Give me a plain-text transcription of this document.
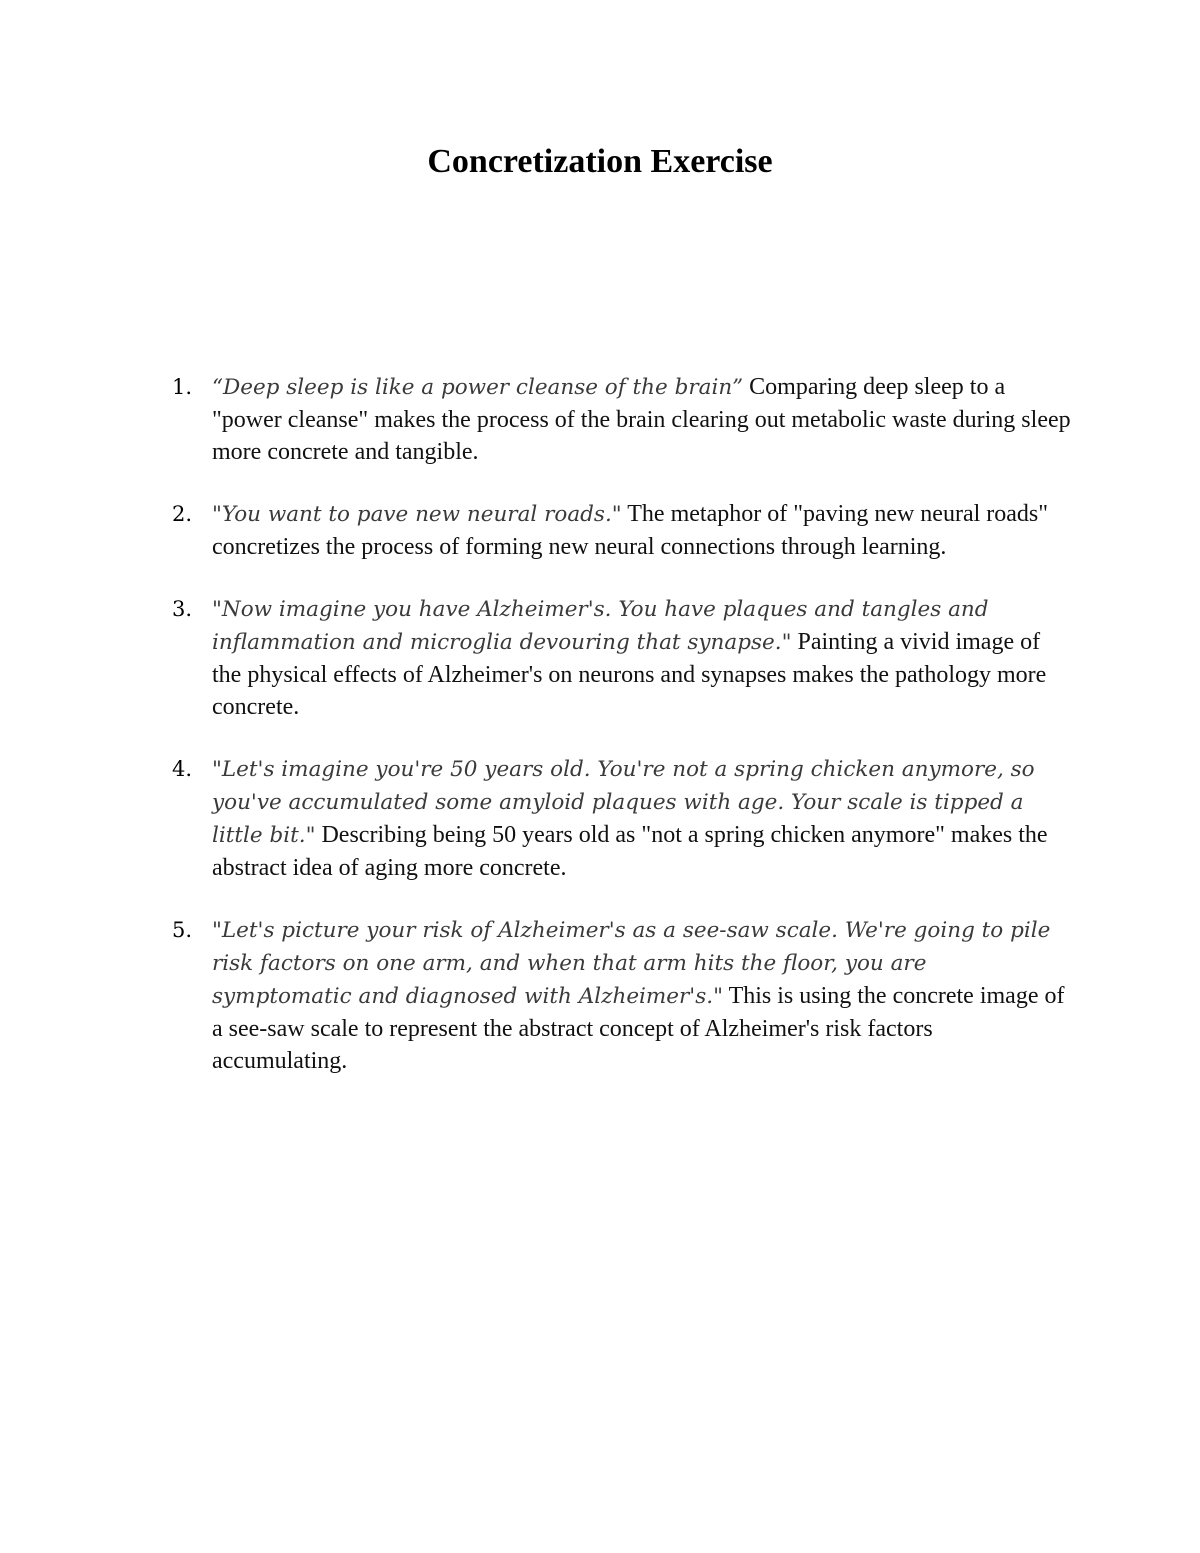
Concretization Exercise
1. “Deep sleep is like a power cleanse of the brain” Comparing deep sleep to a "power cleanse" makes the process of the brain clearing out metabolic waste during sleep more concrete and tangible.
2. "You want to pave new neural roads." The metaphor of "paving new neural roads" concretizes the process of forming new neural connections through learning.
3. "Now imagine you have Alzheimer's. You have plaques and tangles and inflammation and microglia devouring that synapse." Painting a vivid image of the physical effects of Alzheimer's on neurons and synapses makes the pathology more concrete.
4. "Let's imagine you're 50 years old. You're not a spring chicken anymore, so you've accumulated some amyloid plaques with age. Your scale is tipped a little bit." Describing being 50 years old as "not a spring chicken anymore" makes the abstract idea of aging more concrete.
5. "Let's picture your risk of Alzheimer's as a see-saw scale. We're going to pile risk factors on one arm, and when that arm hits the floor, you are symptomatic and diagnosed with Alzheimer's." This is using the concrete image of a see-saw scale to represent the abstract concept of Alzheimer's risk factors accumulating.
